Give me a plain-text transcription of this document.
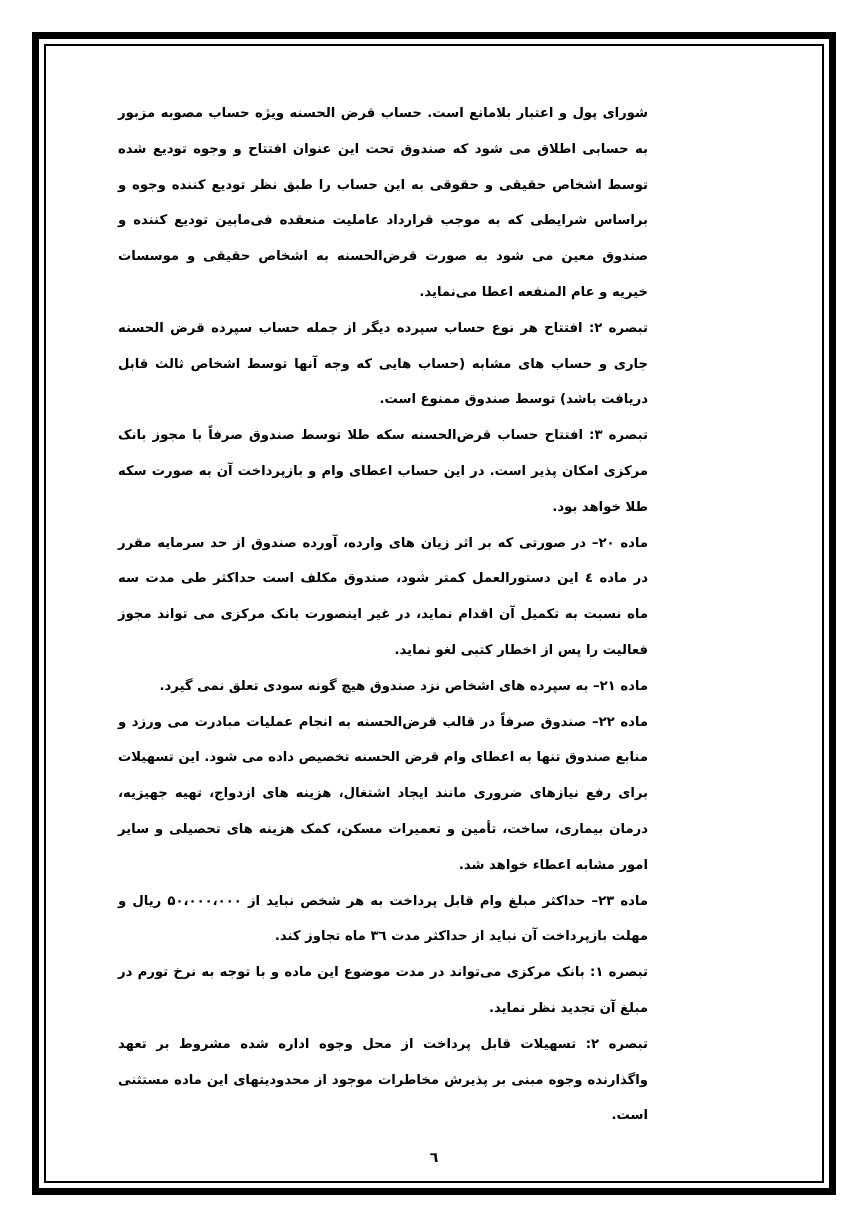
شورای پول و اعتبار بلامانع است. حساب قرض الحسنه ویژه حساب مصوبه مزبور به حسابی اطلاق می شود که صندوق تحت این عنوان افتتاح و وجوه توديع شده توسط اشخاص حقیقی و حقوقی به این حساب را طبق نظر تودیع کننده وجوه و براساس شرایطی که به موجب قرارداد عاملیت منعقده فی‌مابین تودیع کننده و صندوق معین می شود به صورت قرض‌الحسنه به اشخاص حقیقی و موسسات خیریه و عام المنفعه اعطا می‌نماید.

تبصره ۲: افتتاح هر نوع حساب سپرده دیگر از جمله حساب سپرده قرض الحسنه جاری و حساب های مشابه (حساب هایی که وجه آنها توسط اشخاص ثالث قابل دریافت باشد) توسط صندوق ممنوع است.

تبصره ۳: افتتاح حساب قرض‌الحسنه سکه طلا توسط صندوق صرفاً با مجوز بانک مرکزی امکان پذیر است. در این حساب اعطای وام و بازپرداخت آن به صورت سکه طلا خواهد بود.

ماده ۲۰– در صورتی که بر اثر زیان های وارده، آورده صندوق از حد سرمایه مقرر در ماده ٤ این دستورالعمل کمتر شود، صندوق مکلف است حداکثر طی مدت سه ماه نسبت به تکمیل آن اقدام نماید، در غیر اینصورت بانک مرکزی می تواند مجوز فعالیت را پس از اخطار کتبی لغو نماید.

ماده ۲۱– به سپرده های اشخاص نزد صندوق هیچ گونه سودی تعلق نمی گیرد.

ماده ۲۲– صندوق صرفاً در قالب قرض‌الحسنه به انجام عملیات مبادرت می ورزد و منابع صندوق تنها به اعطای وام قرض الحسنه تخصیص داده می شود. این تسهیلات برای رفع نیازهای ضروری مانند ایجاد اشتغال، هزینه های ازدواج، تهیه جهیزیه، درمان بیماری، ساخت، تأمین و تعمیرات مسکن، کمک هزینه های تحصیلی و سایر امور مشابه اعطاء خواهد شد.

ماده ۲۳– حداکثر مبلغ وام قابل پرداخت به هر شخص نباید از ۵۰،۰۰۰،۰۰۰ ریال و مهلت بازپرداخت آن نباید از حداکثر مدت ٣٦ ماه تجاوز کند.

تبصره ۱: بانک مرکزی می‌تواند در مدت موضوع این ماده و با توجه به نرخ تورم در مبلغ آن تجدید نظر نماید.

تبصره ۲: تسهیلات قابل پرداخت از محل وجوه اداره شده مشروط بر تعهد واگذارنده وجوه مبنی بر پذیرش مخاطرات موجود از محدودیتهای این ماده مستثنی است.

٦
